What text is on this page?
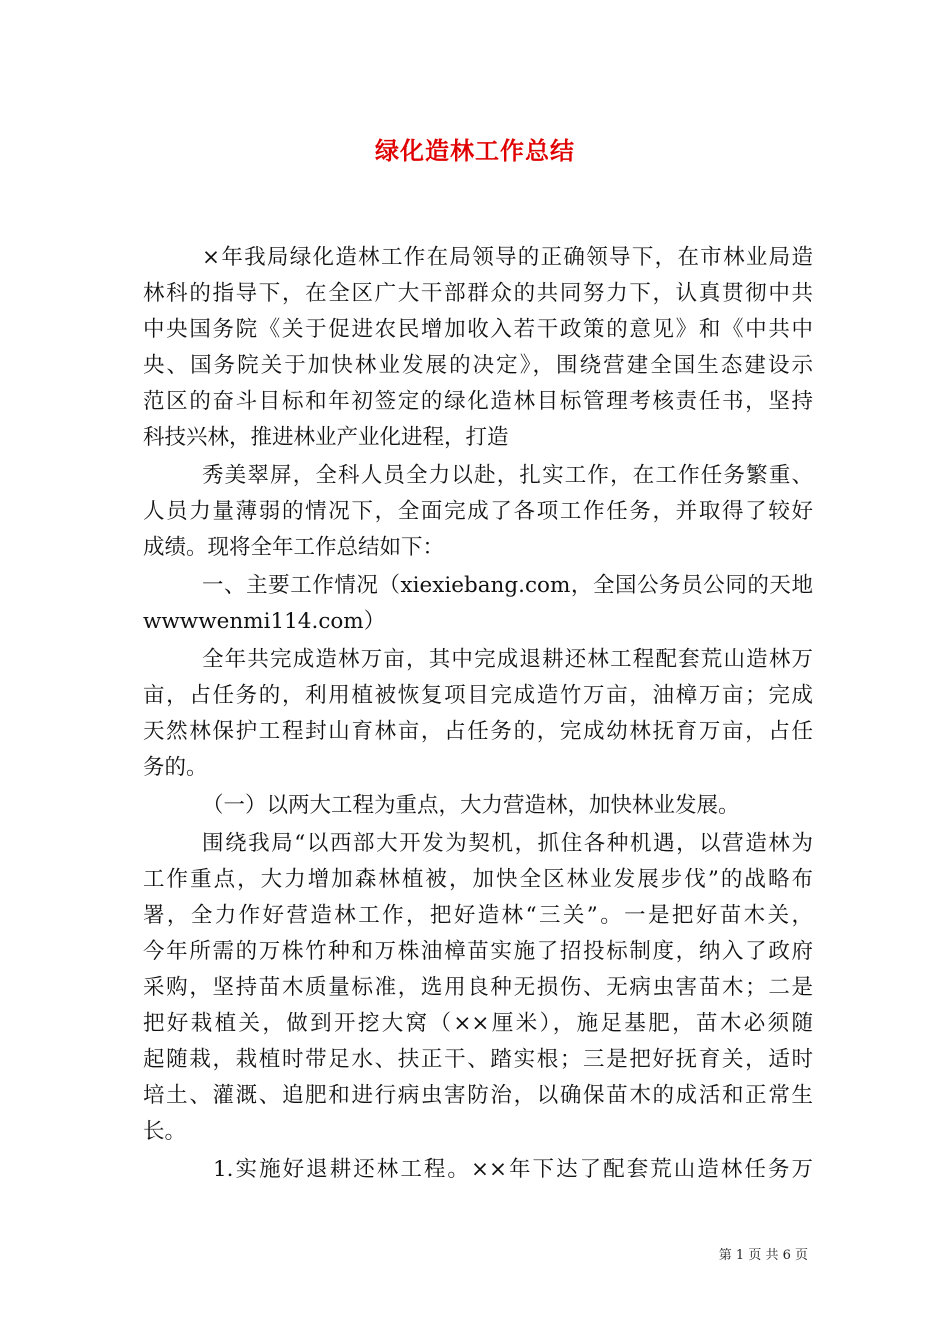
绿化造林工作总结
×年我局绿化造林工作在局领导的正确领导下，在市林业局造
林科的指导下，在全区广大干部群众的共同努力下，认真贯彻中共
中央国务院《关于促进农民增加收入若干政策的意见》和《中共中
央、国务院关于加快林业发展的决定》，围绕营建全国生态建设示
范区的奋斗目标和年初签定的绿化造林目标管理考核责任书，坚持
科技兴林，推进林业产业化进程，打造
秀美翠屏，全科人员全力以赴，扎实工作，在工作任务繁重、
人员力量薄弱的情况下，全面完成了各项工作任务，并取得了较好
成绩。现将全年工作总结如下：
一、主要工作情况（xiexiebang.com，全国公务员公同的天地
wwwwenmi114.com）
全年共完成造林万亩，其中完成退耕还林工程配套荒山造林万
亩，占任务的，利用植被恢复项目完成造竹万亩，油樟万亩；完成
天然林保护工程封山育林亩，占任务的，完成幼林抚育万亩，占任
务的。
（一）以两大工程为重点，大力营造林，加快林业发展。
围绕我局“以西部大开发为契机，抓住各种机遇，以营造林为
工作重点，大力增加森林植被，加快全区林业发展步伐”的战略布
署，全力作好营造林工作，把好造林“三关”。一是把好苗木关，
今年所需的万株竹种和万株油樟苗实施了招投标制度，纳入了政府
采购，坚持苗木质量标准，选用良种无损伤、无病虫害苗木；二是
把好栽植关，做到开挖大窝（××厘米），施足基肥，苗木必须随
起随栽，栽植时带足水、扶正干、踏实根；三是把好抚育关，适时
培土、灌溉、追肥和进行病虫害防治，以确保苗木的成活和正常生
长。
1.实施好退耕还林工程。××年下达了配套荒山造林任务万
第 1 页 共 6 页
